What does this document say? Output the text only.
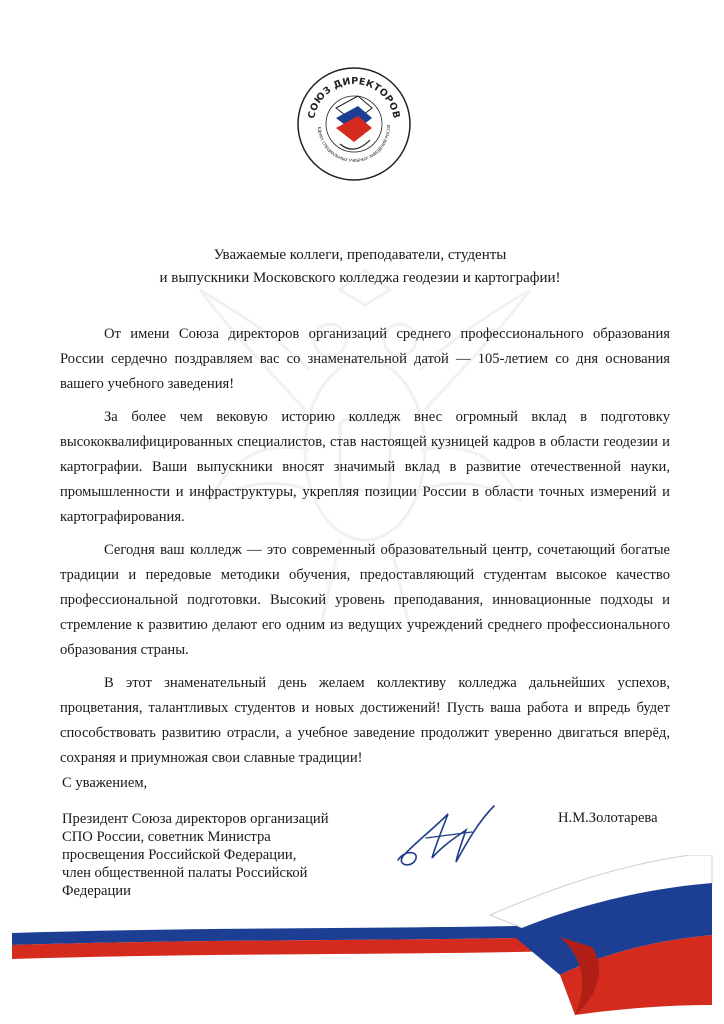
СОЮЗ ДИРЕКТОРОВ
ЕДНИХ СПЕЦИАЛЬНЫХ УЧЕБНЫХ ЗАВЕДЕНИЙ РОССИ
Уважаемые коллеги, преподаватели, студенты
и выпускники Московского колледжа геодезии и картографии!

От имени Союза директоров организаций среднего профессионального образования России сердечно поздравляем вас со знаменательной датой — 105-летием со дня основания вашего учебного заведения!

За более чем вековую историю колледж внес огромный вклад в подготовку высококвалифицированных специалистов, став настоящей кузницей кадров в области геодезии и картографии. Ваши выпускники вносят значимый вклад в развитие отечественной науки, промышленности и инфраструктуры, укрепляя позиции России в области точных измерений и картографирования.

Сегодня ваш колледж — это современный образовательный центр, сочетающий богатые традиции и передовые методики обучения, предоставляющий студентам высокое качество профессиональной подготовки. Высокий уровень преподавания, инновационные подходы и стремление к развитию делают его одним из ведущих учреждений среднего профессионального образования страны.

В этот знаменательный день желаем коллективу колледжа дальнейших успехов, процветания, талантливых студентов и новых достижений! Пусть ваша работа и впредь будет способствовать развитию отрасли, а учебное заведение продолжит уверенно двигаться вперёд, сохраняя и приумножая свои славные традиции!

С уважением,
Президент Союза директоров организаций
СПО России, советник Министра
просвещения Российской Федерации,
член общественной палаты Российской
Федерации
Н.М.Золотарева
